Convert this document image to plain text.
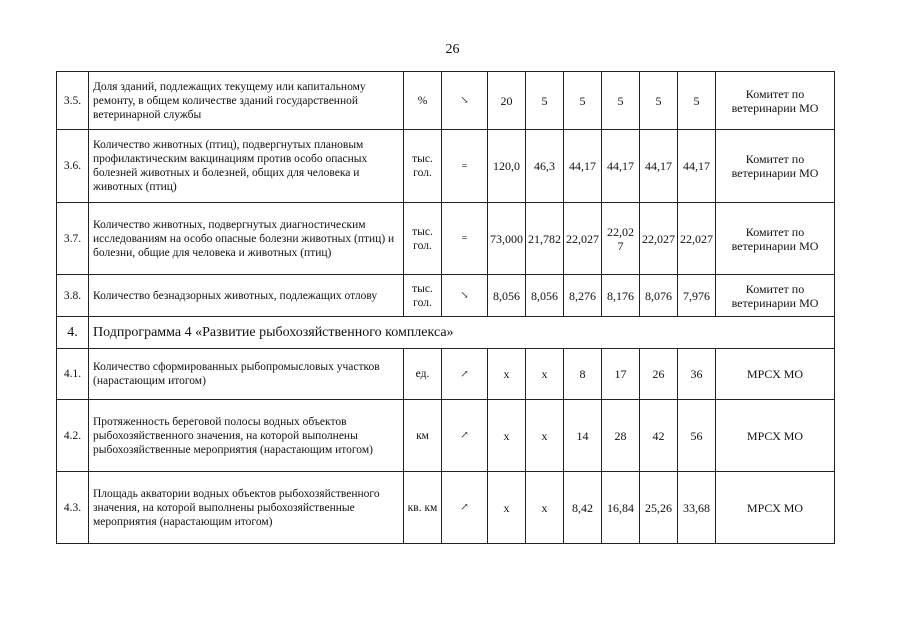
26
3.5.	Доля зданий, подлежащих текущему или капитальному ремонту, в общем количестве зданий государственной ветеринарной службы	%	↘	20	5	5	5	5	5	Комитет по ветеринарии МО
3.6.	Количество животных (птиц), подвергнутых плановым профилактическим вакцинациям против особо опасных болезней животных и болезней, общих для человека и животных (птиц)	тыс. гол.	=	120,0	46,3	44,17	44,17	44,17	44,17	Комитет по ветеринарии МО
3.7.	Количество животных, подвергнутых диагностическим исследованиям на особо опасные болезни животных (птиц) и болезни, общие для человека и животных (птиц)	тыс. гол.	=	73,000	21,782	22,027	22,02 7	22,027	22,027	Комитет по ветеринарии МО
3.8.	Количество безнадзорных животных, подлежащих отлову	тыс. гол.	↘	8,056	8,056	8,276	8,176	8,076	7,976	Комитет по ветеринарии МО
4.	Подпрограмма 4 «Развитие рыбохозяйственного комплекса»									
4.1.	Количество сформированных рыбопромысловых участков (нарастающим итогом)	ед.	↗	х	х	8	17	26	36	МРСХ МО
4.2.	Протяженность береговой полосы водных объектов рыбохозяйственного значения, на которой выполнены рыбохозяйственные мероприятия (нарастающим итогом)	км	↗	х	х	14	28	42	56	МРСХ МО
4.3.	Площадь акватории водных объектов рыбохозяйственного значения, на которой выполнены рыбохозяйственные мероприятия (нарастающим итогом)	кв. км	↗	х	х	8,42	16,84	25,26	33,68	МРСХ МО
